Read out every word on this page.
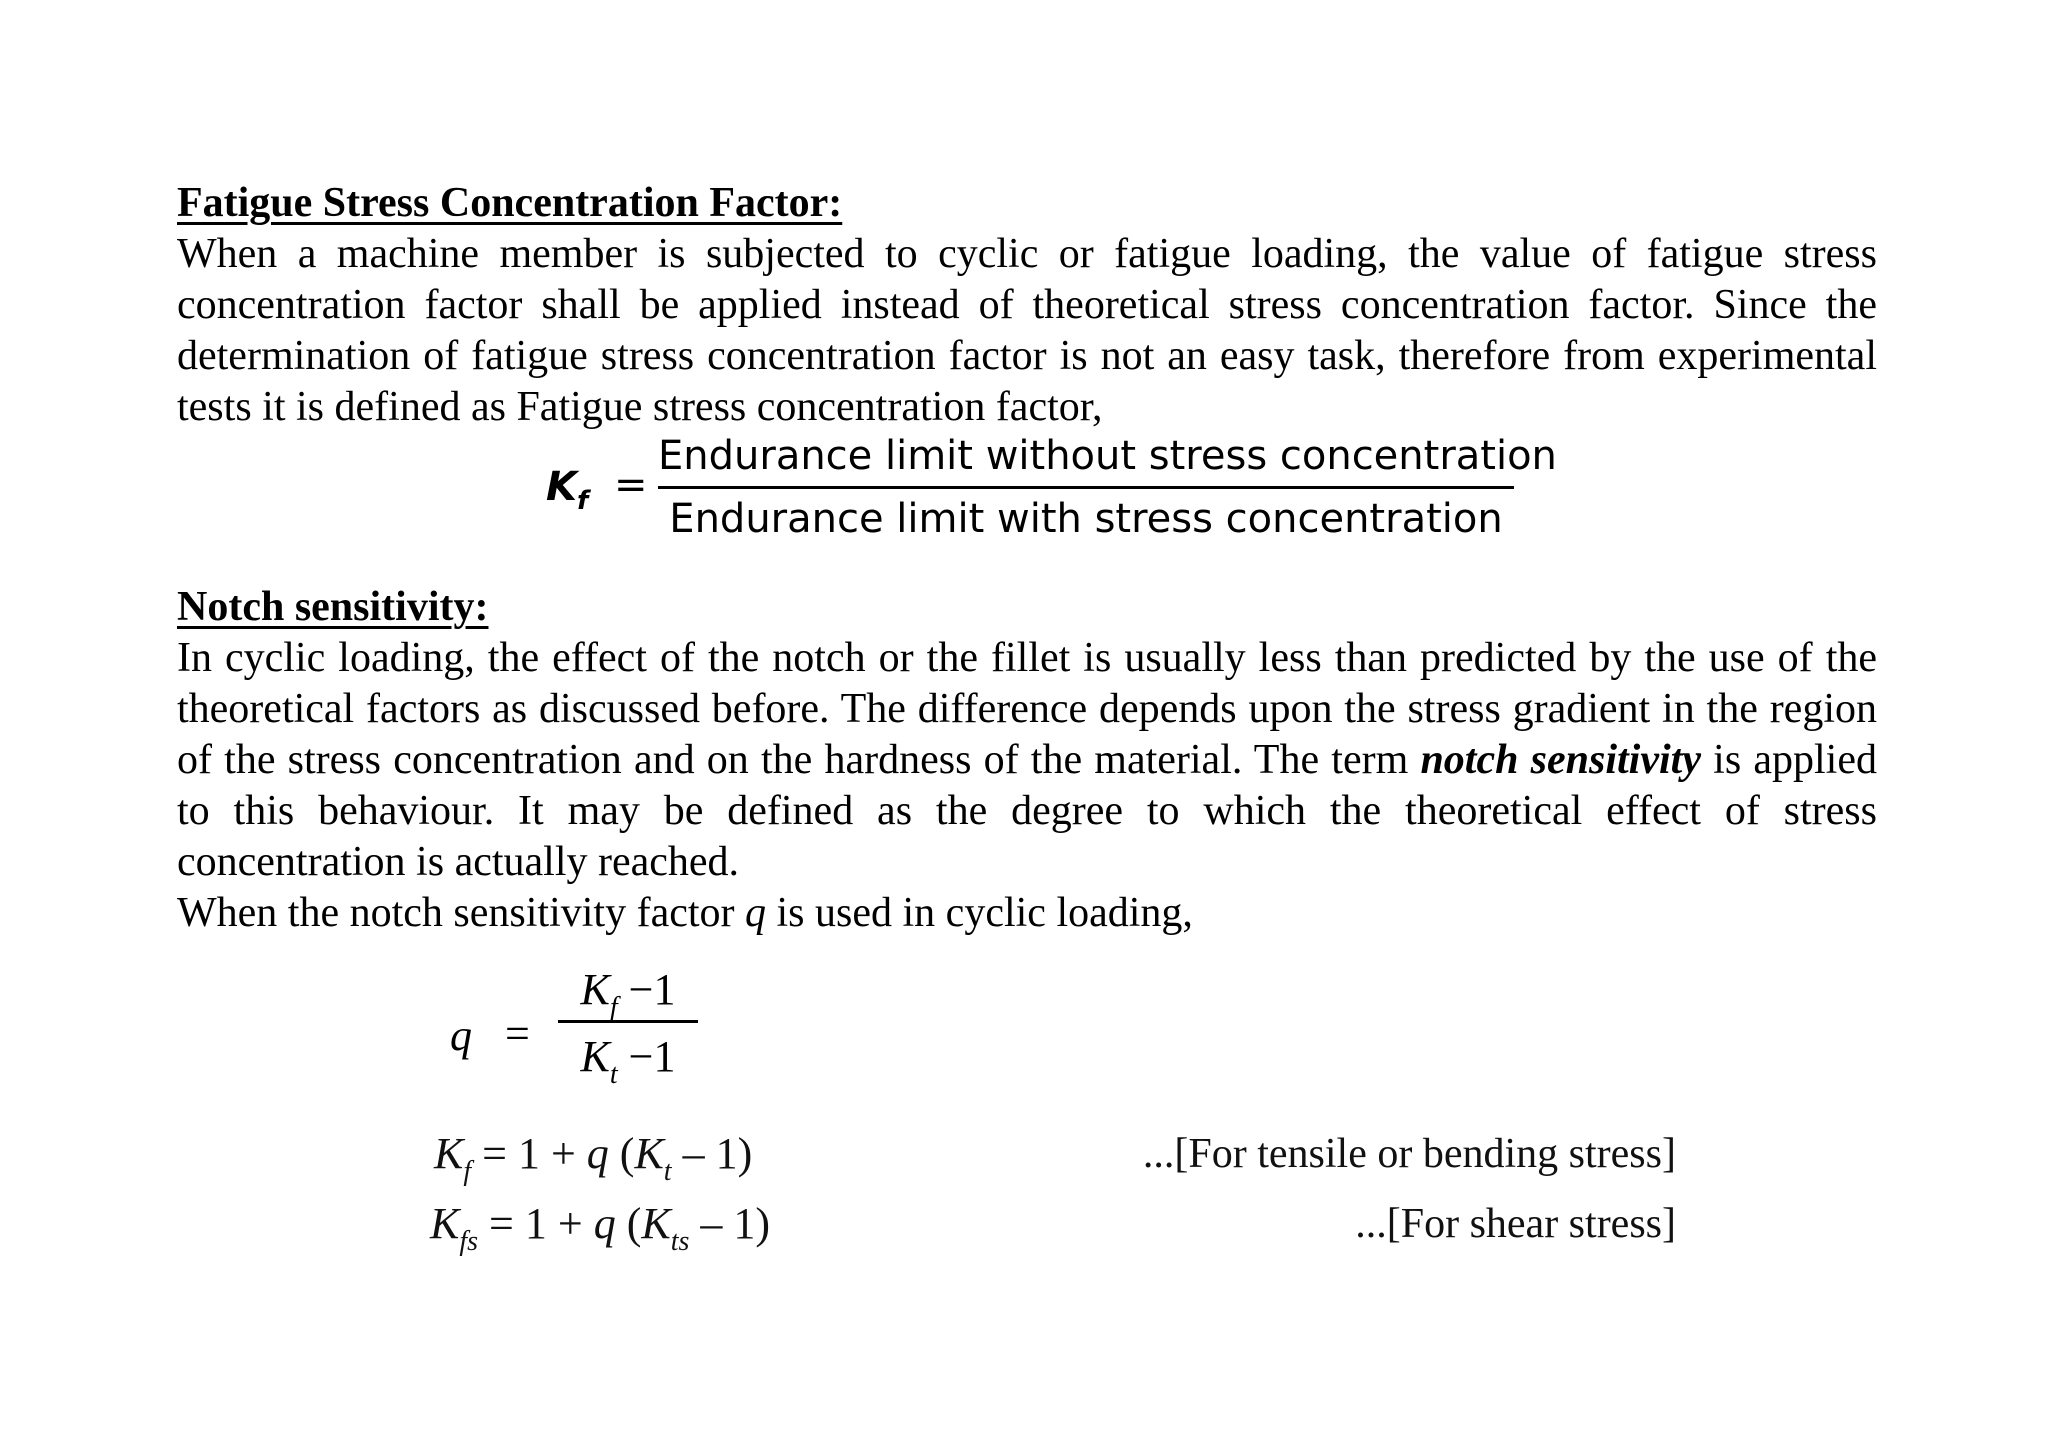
Fatigue Stress Concentration Factor:

When a machine member is subjected to cyclic or fatigue loading, the value of fatigue stress concentration factor shall be applied instead of theoretical stress concentration factor. Since the determination of fatigue stress concentration factor is not an easy task, therefore from experimental tests it is defined as Fatigue stress concentration factor,

$K_f$ =
Endurance limit without stress concentration
Endurance limit with stress concentration
Notch sensitivity:

In cyclic loading, the effect of the notch or the fillet is usually less than predicted by the use of the theoretical factors as discussed before. The difference depends upon the stress gradient in the region of the stress concentration and on the hardness of the material. The term notch sensitivity is applied to this behaviour. It may be defined as the degree to which the theoretical effect of stress concentration is actually reached.

When the notch sensitivity factor q is used in cyclic loading,
q =
$K_f -1$
$K_t -1$
$K_f = 1 + q$ $(K_t - 1)$	...[For tensile or bending stress]
$K_{fs} = 1 + q$ $(K_{ts} - 1)$	...[For shear stress]
